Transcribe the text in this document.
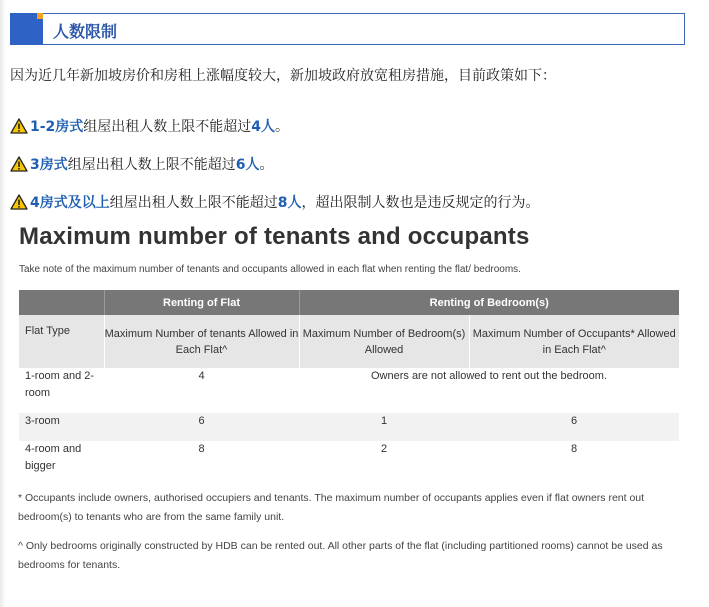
人数限制
因为近几年新加坡房价和房租上涨幅度较大，新加坡政府放宽租房措施，目前政策如下：
1-2房式组屋出租人数上限不能超过4人。
3房式组屋出租人数上限不能超过6人。
4房式及以上组屋出租人数上限不能超过8人，超出限制人数也是违反规定的行为。
Maximum number of tenants and occupants
Take note of the maximum number of tenants and occupants allowed in each flat when renting the flat/ bedrooms.
	Renting of Flat	Renting of Bedroom(s)	
Flat Type	Maximum Number of tenants Allowed in Each Flat^	Maximum Number of Bedroom(s) Allowed	Maximum Number of Occupants* Allowed in Each Flat^
1-room and 2-room	4	Owners are not allowed to rent out the bedroom.	
3-room	6	1	6
4-room and bigger	8	2	8
* Occupants include owners, authorised occupiers and tenants. The maximum number of occupants applies even if flat owners rent out bedroom(s) to tenants who are from the same family unit.
^ Only bedrooms originally constructed by HDB can be rented out. All other parts of the flat (including partitioned rooms) cannot be used as bedrooms for tenants.
